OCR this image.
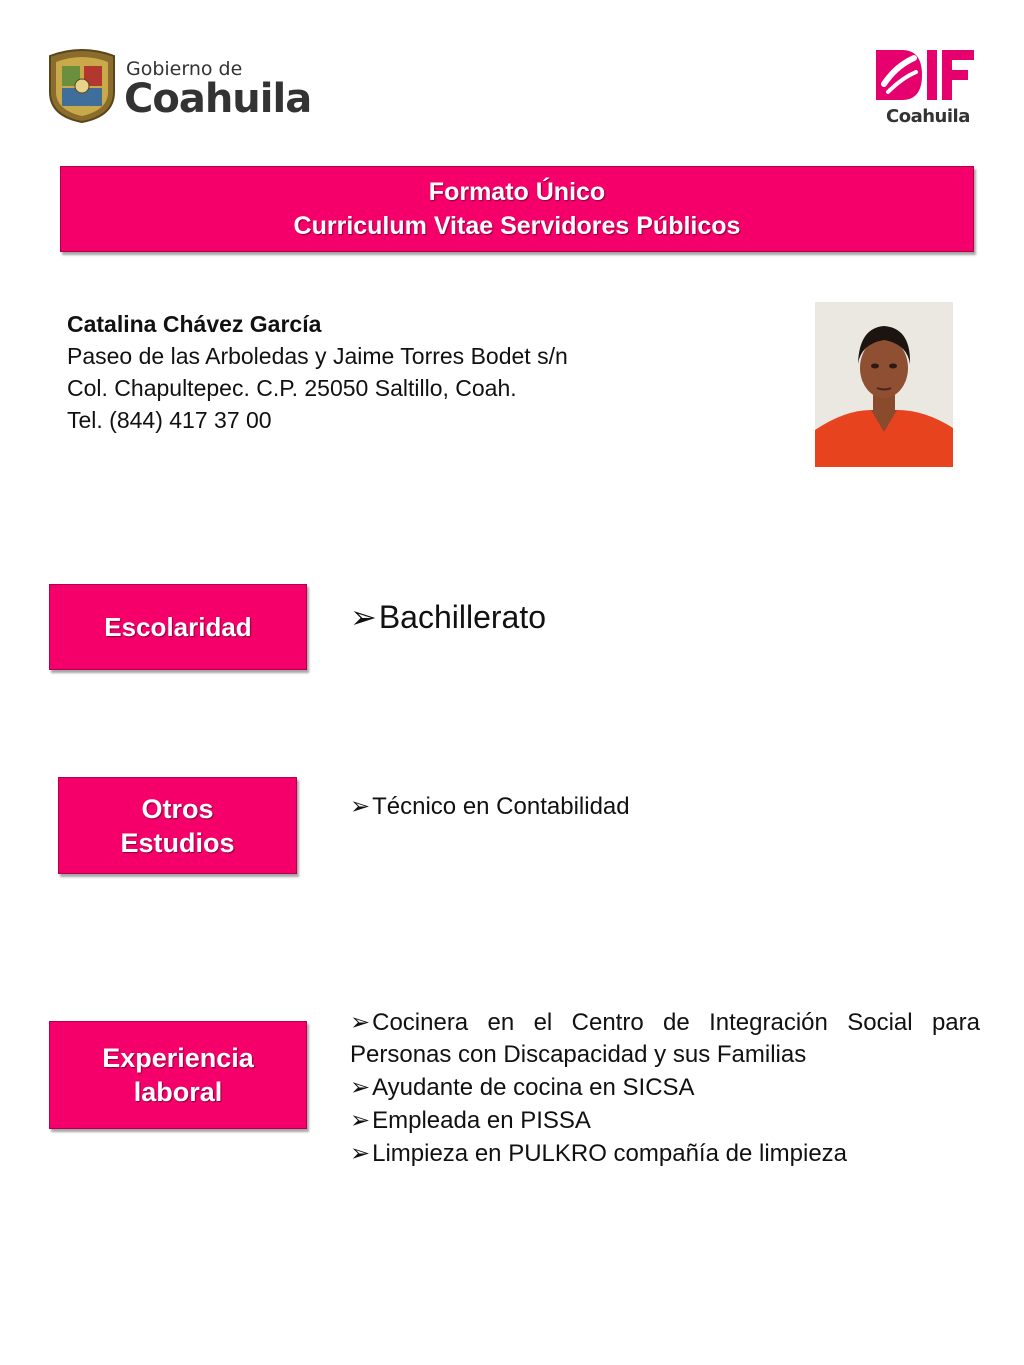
Gobierno de
Coahuila	Coahuila
Formato Único
Curriculum Vitae Servidores Públicos
Catalina Chávez García
Paseo de las Arboledas y Jaime Torres Bodet s/n
Col. Chapultepec. C.P. 25050 Saltillo, Coah.
Tel. (844) 417 37 00
Escolaridad	➢Bachillerato
Otros
Estudios
➢Técnico en Contabilidad
Experiencia
laboral
➢Cocinera en el Centro de Integración Social para Personas con Discapacidad y sus Familias
➢Ayudante de cocina en SICSA
➢Empleada en PISSA
➢Limpieza en PULKRO compañía de limpieza
